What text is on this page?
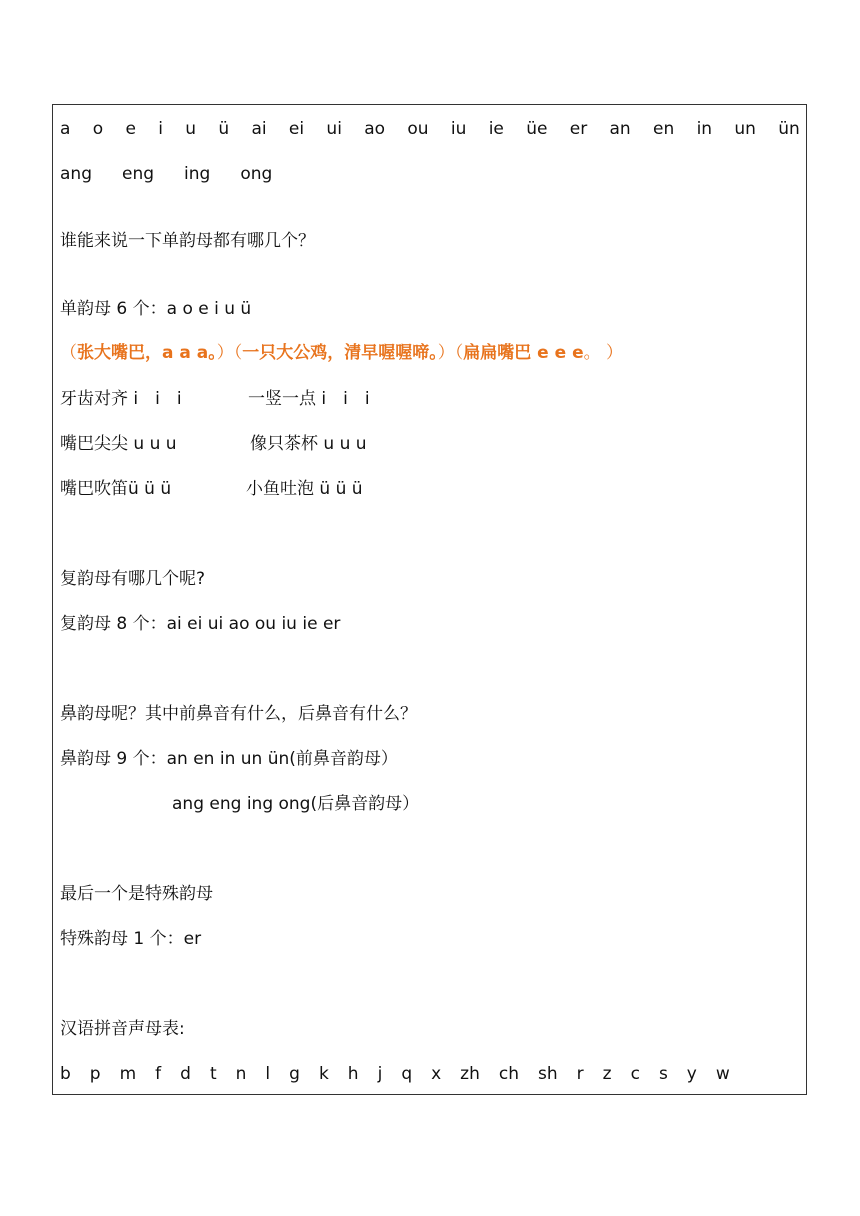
a o e i u ü ai ei ui ao ou iu ie üe er an en in un ün
ang eng ing ong
谁能来说一下单韵母都有哪几个？
单韵母 6 个：a o e i u ü
（张大嘴巴，a a a。）（一只大公鸡，清早喔喔啼。）（扁扁嘴巴 e e e。 ）
牙齿对齐 i　i　i	一竖一点 i　i　i
嘴巴尖尖 u u u	像只茶杯 u u u
嘴巴吹笛ü ü ü	小鱼吐泡 ü ü ü
复韵母有哪几个呢?
复韵母 8 个：ai ei ui ao ou iu ie er
鼻韵母呢？其中前鼻音有什么，后鼻音有什么？
鼻韵母 9 个：an en in un ün(前鼻音韵母）
ang eng ing ong(后鼻音韵母）
最后一个是特殊韵母
特殊韵母 1 个：er
汉语拼音声母表:
b p m f d t n l g k h j q x zh ch sh r z c s y w
